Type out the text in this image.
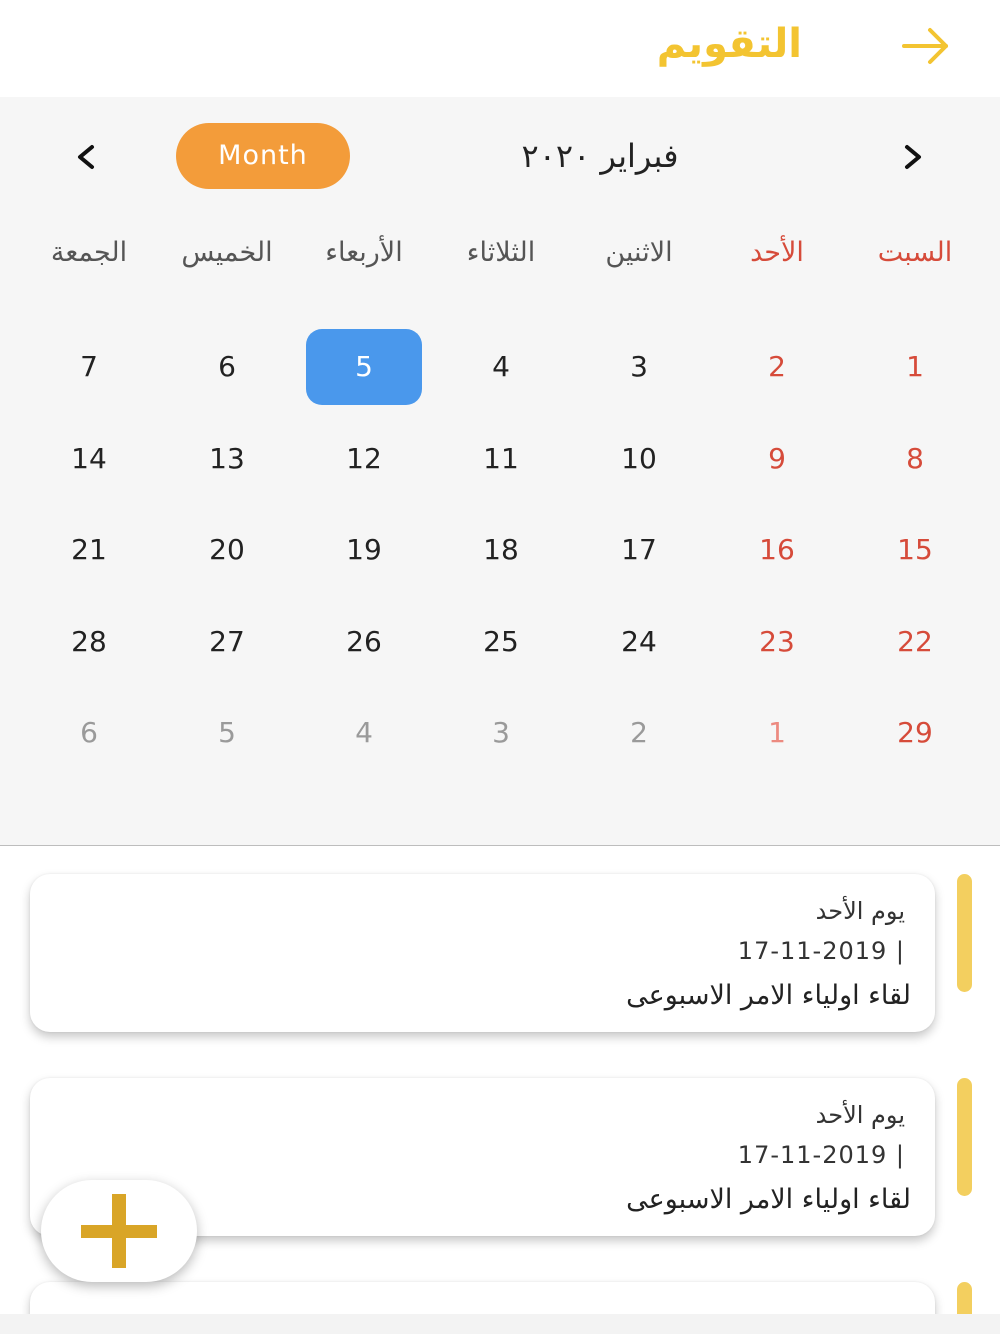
التقويم
Month	فبراير ٢٠٢٠
السبت
الأحد
الاثنين
الثلاثاء
الأربعاء
الخميس
الجمعة
1
2
3
4
5
6
7
8
9
10
11
12
13
14
15
16
17
18
19
20
21
22
23
24
25
26
27
28
29
1
2
3
4
5
6
يوم الأحد
17-11-2019 |
لقاء اولياء الامر الاسبوعى
يوم الأحد
17-11-2019 |
لقاء اولياء الامر الاسبوعى
